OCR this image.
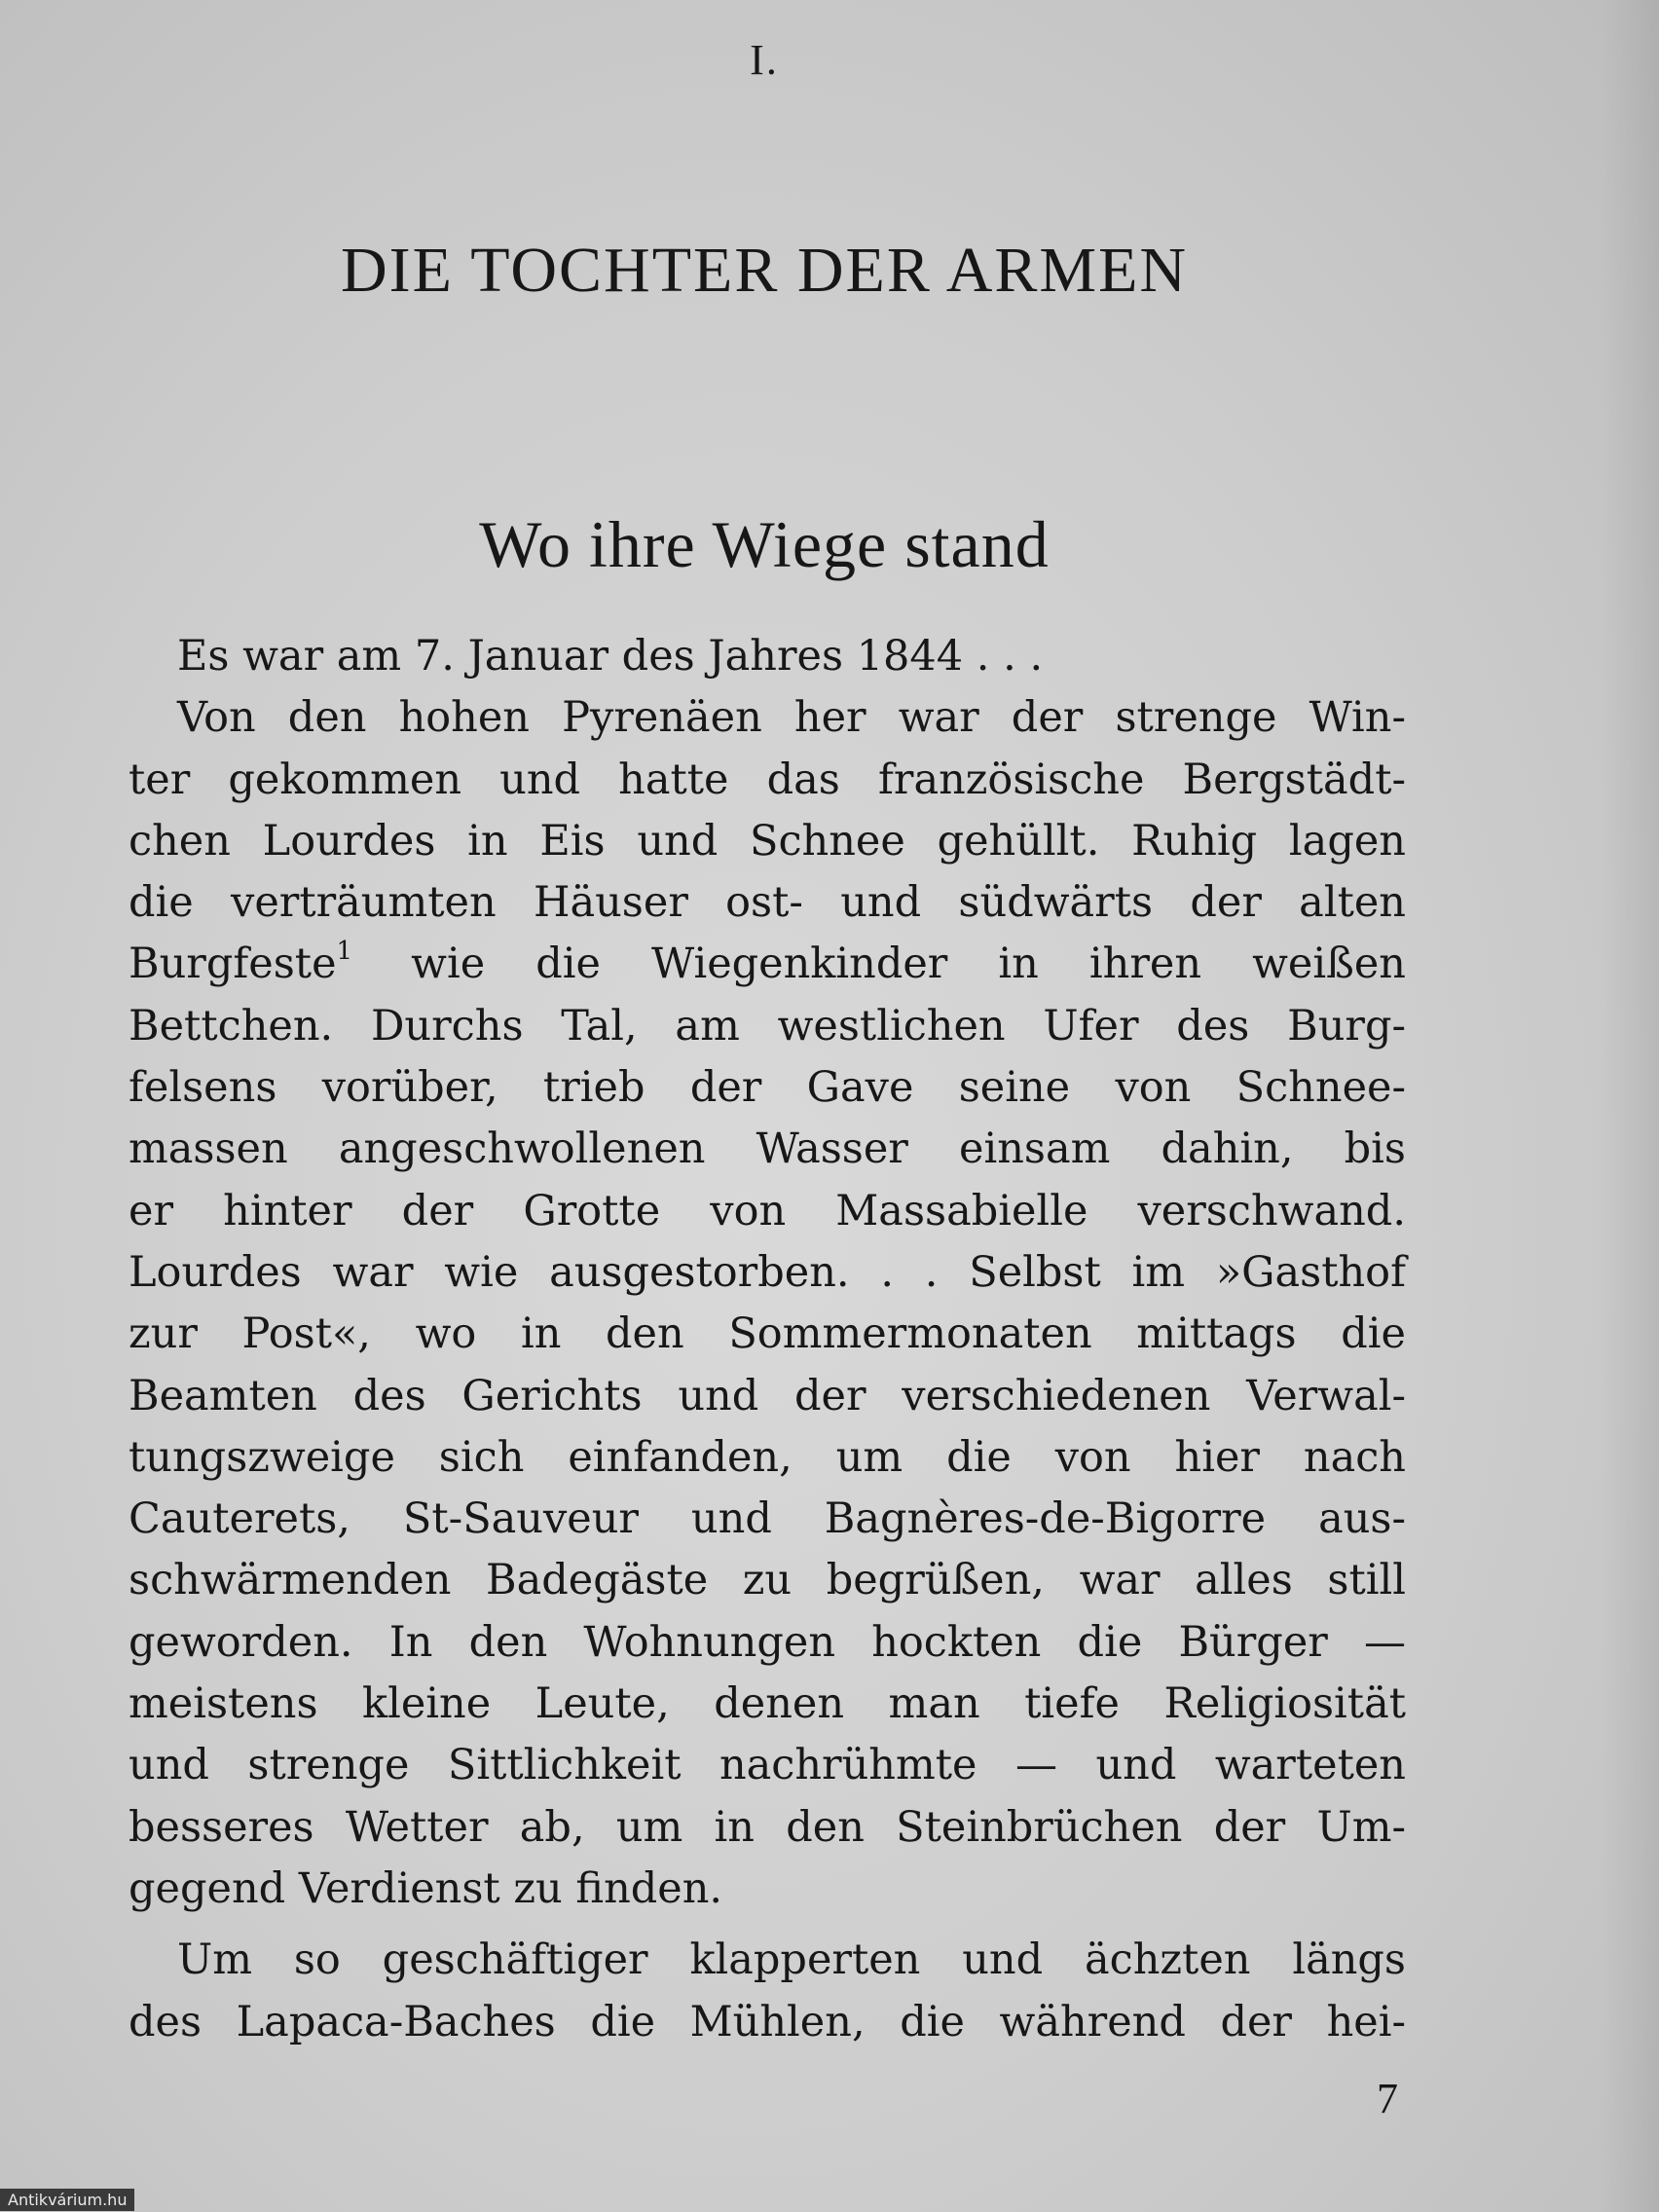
I.
DIE TOCHTER DER ARMEN
Wo ihre Wiege stand
Es war am 7. Januar des Jahres 1844 . . .
Von den hohen Pyrenäen her war der strenge Win-
ter gekommen und hatte das französische Bergstädt-
chen Lourdes in Eis und Schnee gehüllt. Ruhig lagen
die verträumten Häuser ost- und südwärts der alten
Burgfeste$^1$ wie die Wiegenkinder in ihren weißen
Bettchen. Durchs Tal, am westlichen Ufer des Burg-
felsens vorüber, trieb der Gave seine von Schnee-
massen angeschwollenen Wasser einsam dahin, bis
er hinter der Grotte von Massabielle verschwand.
Lourdes war wie ausgestorben. . . Selbst im »Gasthof
zur Post«, wo in den Sommermonaten mittags die
Beamten des Gerichts und der verschiedenen Verwal-
tungszweige sich einfanden, um die von hier nach
Cauterets, St-Sauveur und Bagnères-de-Bigorre aus-
schwärmenden Badegäste zu begrüßen, war alles still
geworden. In den Wohnungen hockten die Bürger —
meistens kleine Leute, denen man tiefe Religiosität
und strenge Sittlichkeit nachrühmte — und warteten
besseres Wetter ab, um in den Steinbrüchen der Um-
gegend Verdienst zu finden.
Um so geschäftiger klapperten und ächzten längs
des Lapaca-Baches die Mühlen, die während der hei-
7
Antikvárium.hu
